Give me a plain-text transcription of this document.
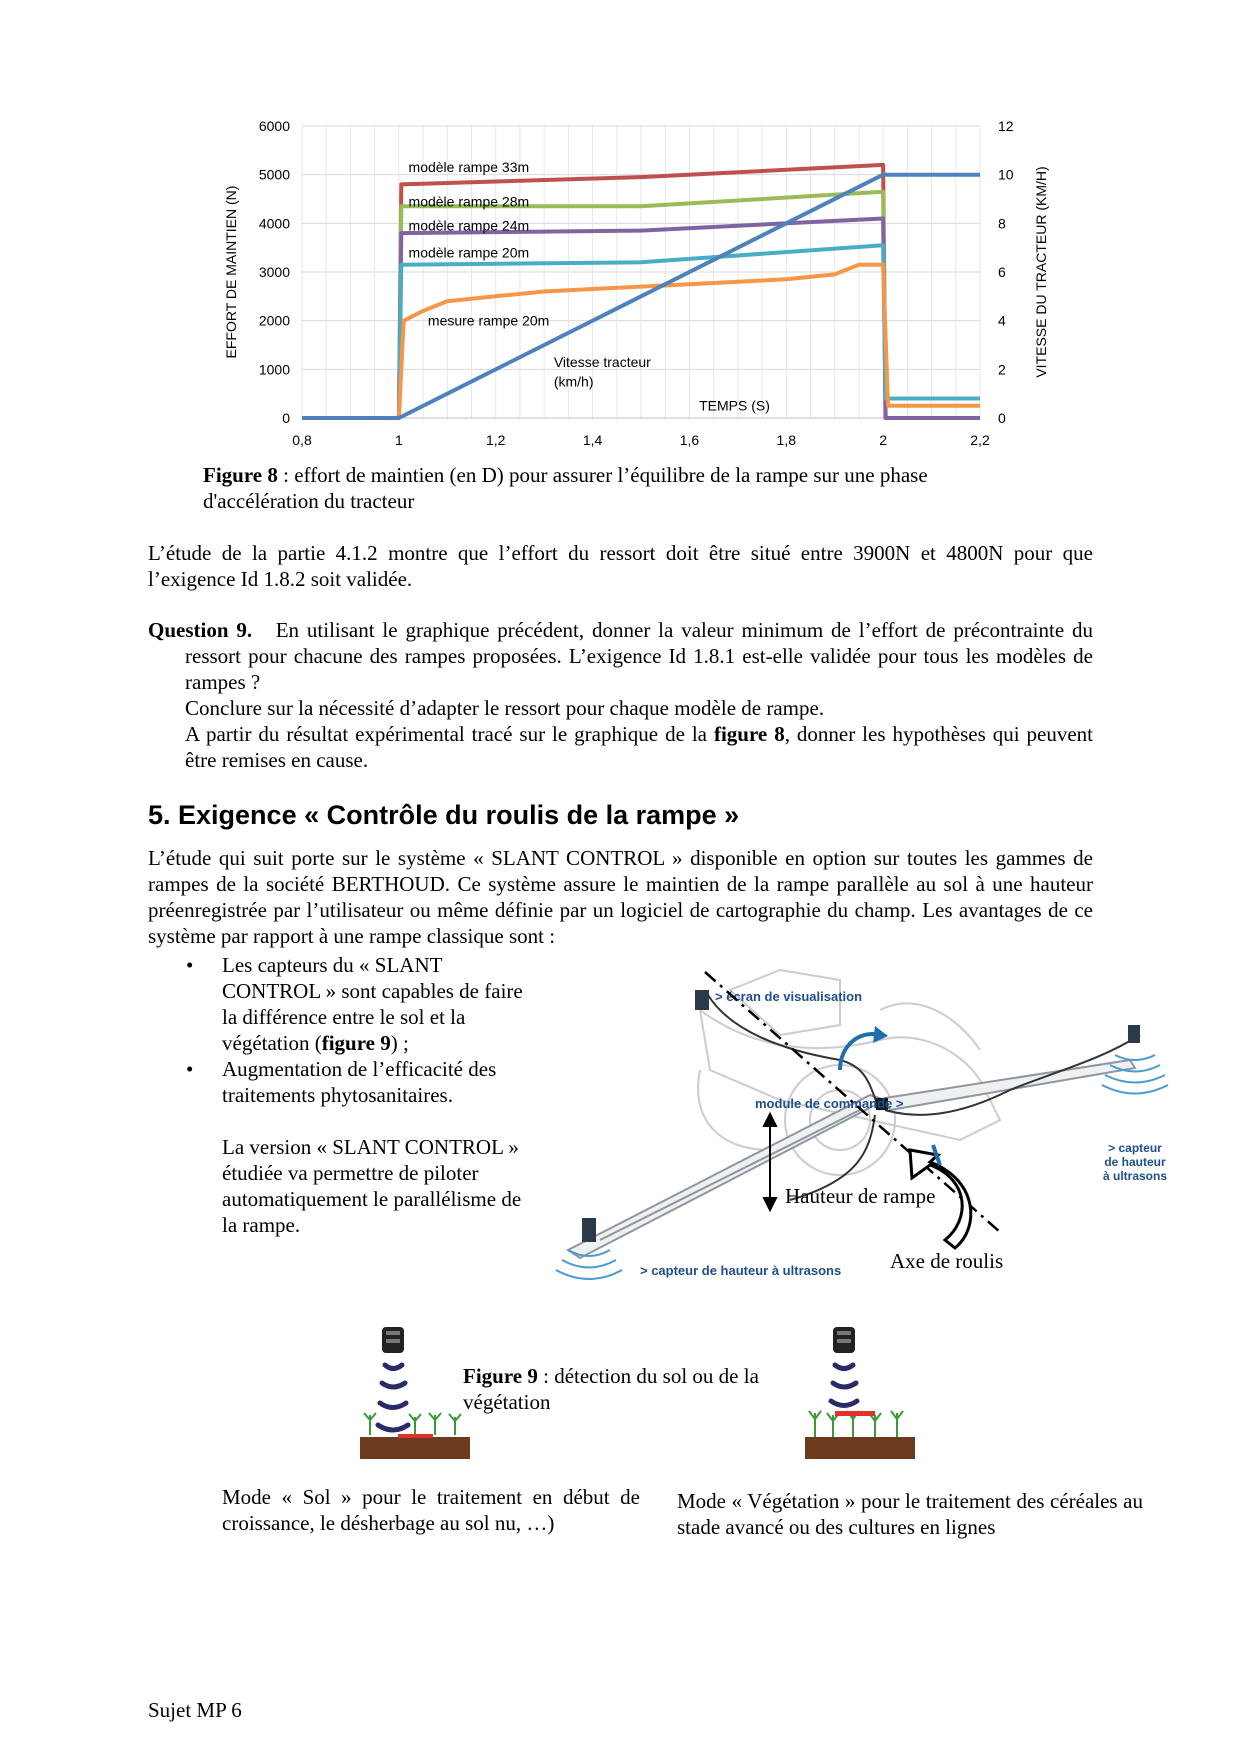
0
1000
2000
3000
4000
5000
6000
0
2
4
6
8
10
12
0,8	1	1,2	1,4	1,6	1,8	2	2,2
EFFORT DE MAINTIEN (N)	VITESSE DU TRACTEUR (KM/H)
modèle rampe 33m
modèle rampe 28m
modèle rampe 24m
modèle rampe 20m
mesure rampe 20m
Vitesse tracteur
(km/h)
TEMPS (S)
Figure 8 : effort de maintien (en D) pour assurer l’équilibre de la rampe sur une phase d'accélération du tracteur
L’étude de la partie 4.1.2 montre que l’effort du ressort doit être situé entre 3900N et 4800N pour que l’exigence Id 1.8.2 soit validée.
Question 9. En utilisant le graphique précédent, donner la valeur minimum de l’effort de précontrainte du ressort pour chacune des rampes proposées. L’exigence Id 1.8.1 est-elle validée pour tous les modèles de rampes ?
Conclure sur la nécessité d’adapter le ressort pour chaque modèle de rampe.
A partir du résultat expérimental tracé sur le graphique de la figure 8, donner les hypothèses qui peuvent être remises en cause.
5. Exigence « Contrôle du roulis de la rampe »
L’étude qui suit porte sur le système « SLANT CONTROL » disponible en option sur toutes les gammes de rampes de la société BERTHOUD. Ce système assure le maintien de la rampe parallèle au sol à une hauteur préenregistrée par l’utilisateur ou même définie par un logiciel de cartographie du champ. Les avantages de ce système par rapport à une rampe classique sont :
• Les capteurs du « SLANT CONTROL » sont capables de faire la différence entre le sol et la végétation (figure 9) ;
• Augmentation de l’efficacité des traitements phytosanitaires.
La version « SLANT CONTROL » étudiée va permettre de piloter automatiquement le parallélisme de la rampe.
> écran de visualisation
module de commande >
> capteur de hauteur à ultrasons
> capteur de hauteur à ultrasons
Hauteur de rampe
Axe de roulis
Figure 9 : détection du sol ou de la végétation
Mode « Sol » pour le traitement en début de croissance, le désherbage au sol nu, …)
Mode « Végétation » pour le traitement des céréales au stade avancé ou des cultures en lignes
Sujet MP 6
